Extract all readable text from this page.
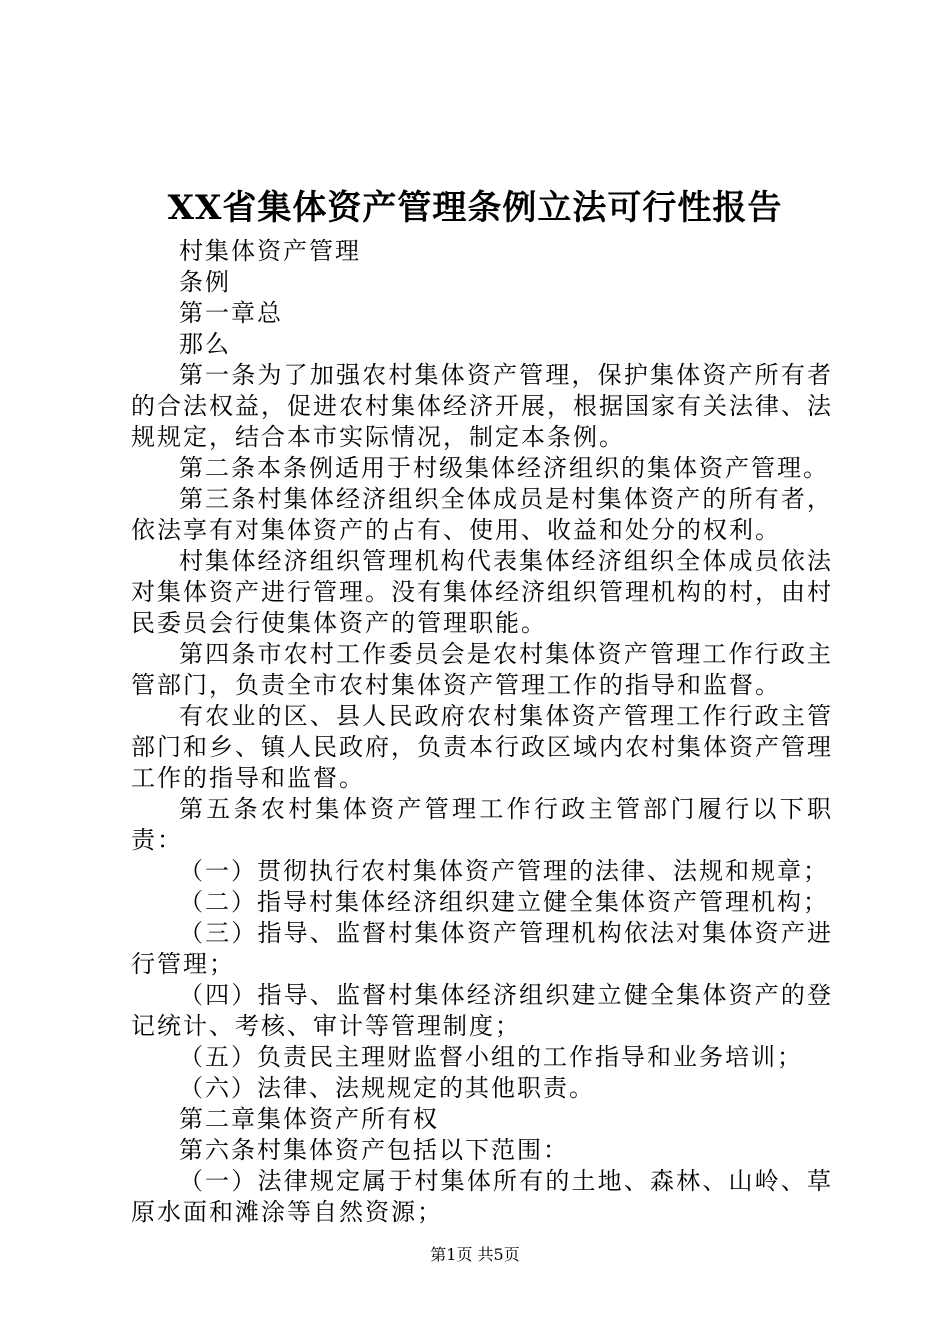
XX省集体资产管理条例立法可行性报告

村集体资产管理

条例

第一章总

那么

第一条为了加强农村集体资产管理，保护集体资产所有者的合法权益，促进农村集体经济开展，根据国家有关法律、法规规定，结合本市实际情况，制定本条例。

第二条本条例适用于村级集体经济组织的集体资产管理。

第三条村集体经济组织全体成员是村集体资产的所有者，依法享有对集体资产的占有、使用、收益和处分的权利。

村集体经济组织管理机构代表集体经济组织全体成员依法对集体资产进行管理。没有集体经济组织管理机构的村，由村民委员会行使集体资产的管理职能。

第四条市农村工作委员会是农村集体资产管理工作行政主管部门，负责全市农村集体资产管理工作的指导和监督。

有农业的区、县人民政府农村集体资产管理工作行政主管部门和乡、镇人民政府，负责本行政区域内农村集体资产管理工作的指导和监督。

第五条农村集体资产管理工作行政主管部门履行以下职责：

（一）贯彻执行农村集体资产管理的法律、法规和规章；

（二）指导村集体经济组织建立健全集体资产管理机构；

（三）指导、监督村集体资产管理机构依法对集体资产进行管理；

（四）指导、监督村集体经济组织建立健全集体资产的登记统计、考核、审计等管理制度；

（五）负责民主理财监督小组的工作指导和业务培训；

（六）法律、法规规定的其他职责。

第二章集体资产所有权

第六条村集体资产包括以下范围：

（一）法律规定属于村集体所有的土地、森林、山岭、草原水面和滩涂等自然资源；

第1页 共5页
